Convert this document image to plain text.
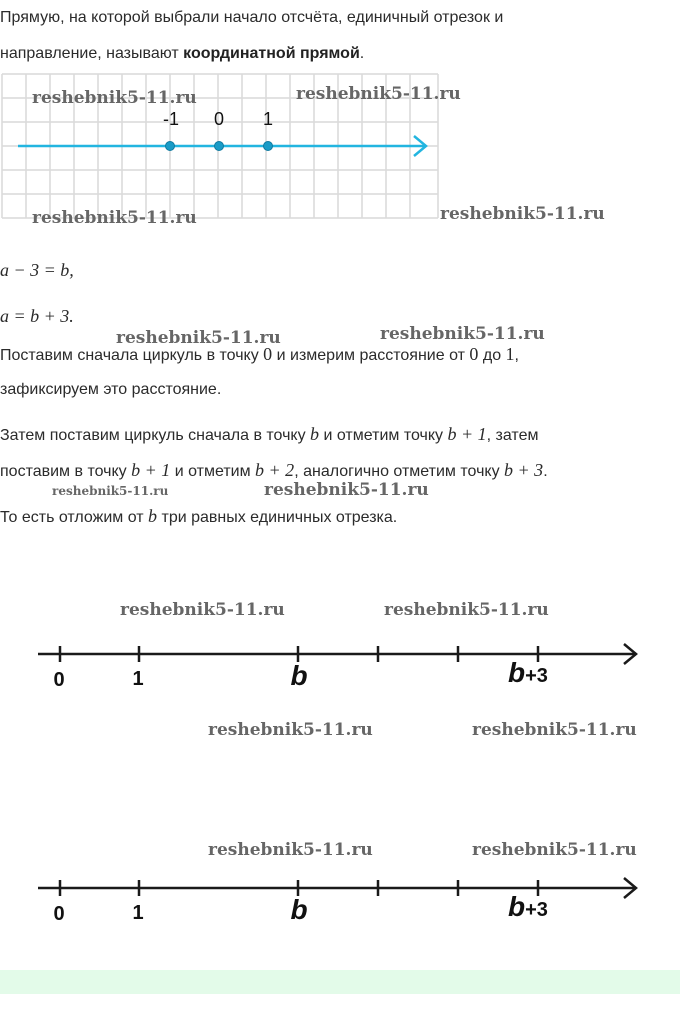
Прямую, на которой выбрали начало отсчёта, единичный отрезок и
направление, называют координатной прямой.
-1 0 1
a − 3 = b,
a = b + 3.
Поставим сначала циркуль в точку 0 и измерим расстояние от 0 до 1,
зафиксируем это расстояние.
Затем поставим циркуль сначала в точку b и отметим точку b + 1, затем
поставим в точку b + 1 и отметим b + 2, аналогично отметим точку b + 3.
То есть отложим от b три равных единичных отрезка.
0	1	b	b+3
0	1	b	b+3
reshebnik5-11.ru	reshebnik5-11.ru
reshebnik5-11.ru	reshebnik5-11.ru
reshebnik5-11.ru	reshebnik5-11.ru
reshebnik5-11.ru	reshebnik5-11.ru
reshebnik5-11.ru	reshebnik5-11.ru
reshebnik5-11.ru	reshebnik5-11.ru
reshebnik5-11.ru	reshebnik5-11.ru
